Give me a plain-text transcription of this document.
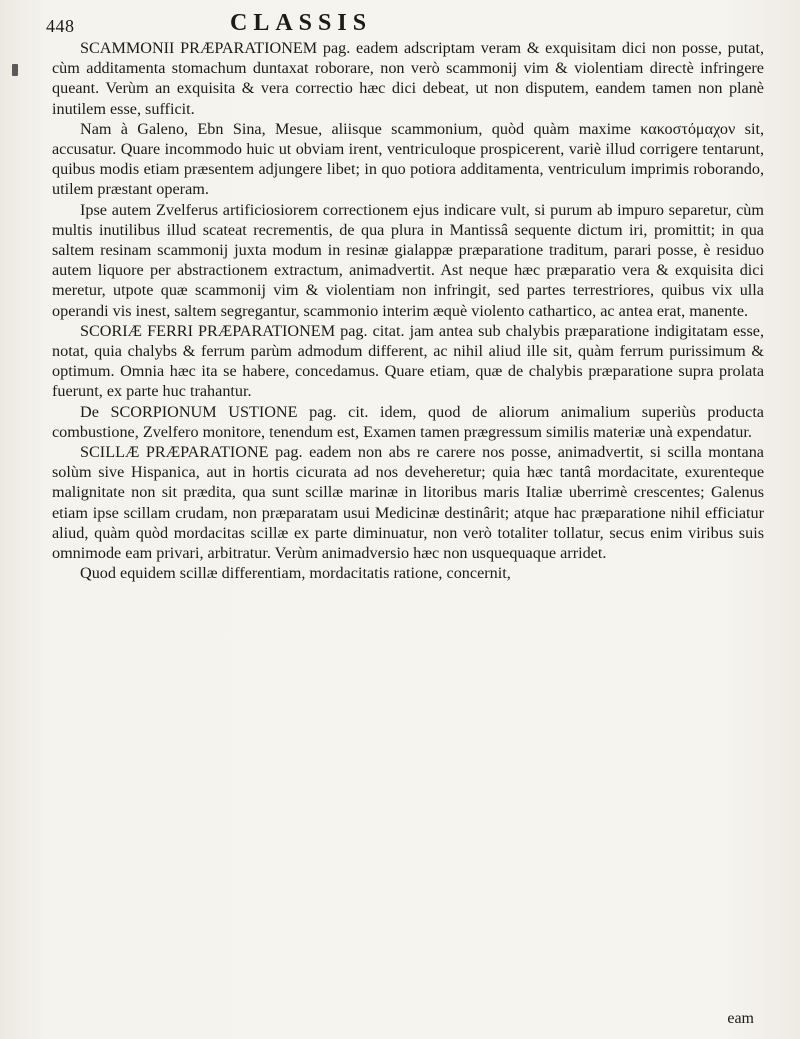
448	CLASSIS

SCAMMONII PRÆPARATIONEM pag. eadem adscriptam veram & exquisitam dici non posse, putat, cùm additamenta stomachum duntaxat roborare, non verò scammonij vim & violentiam directè infringere queant. Verùm an exquisita & vera correctio hæc dici debeat, ut non disputem, eandem tamen non planè inutilem esse, sufficit.

Nam à Galeno, Ebn Sina, Mesue, aliisque scammonium, quòd quàm maxime κακοστόμαχον sit, accusatur. Quare incommodo huic ut obviam irent, ventriculoque prospicerent, variè illud corrigere tentarunt, quibus modis etiam præsentem adjungere libet; in quo potiora additamenta, ventriculum imprimis roborando, utilem præstant operam.

Ipse autem Zvelferus artificiosiorem correctionem ejus indicare vult, si purum ab impuro separetur, cùm multis inutilibus illud scateat recrementis, de qua plura in Mantissâ sequente dictum iri, promittit; in qua saltem resinam scammonij juxta modum in resinæ gialappæ præparatione traditum, parari posse, è residuo autem liquore per abstractionem extractum, animadvertit. Ast neque hæc præparatio vera & exquisita dici meretur, utpote quæ scammonij vim & violentiam non infringit, sed partes terrestriores, quibus vix ulla operandi vis inest, saltem segregantur, scammonio interim æquè violento cathartico, ac antea erat, manente.

SCORIÆ FERRI PRÆPARATIONEM pag. citat. jam antea sub chalybis præparatione indigitatam esse, notat, quia chalybs & ferrum parùm admodum different, ac nihil aliud ille sit, quàm ferrum purissimum & optimum. Omnia hæc ita se habere, concedamus. Quare etiam, quæ de chalybis præparatione supra prolata fuerunt, ex parte huc trahantur.

De SCORPIONUM USTIONE pag. cit. idem, quod de aliorum animalium superiùs producta combustione, Zvelfero monitore, tenendum est, Examen tamen prægressum similis materiæ unà expendatur.

SCILLÆ PRÆPARATIONE pag. eadem non abs re carere nos posse, animadvertit, si scilla montana solùm sive Hispanica, aut in hortis cicurata ad nos deveheretur; quia hæc tantâ mordacitate, exurenteque malignitate non sit prædita, qua sunt scillæ marinæ in litoribus maris Italiæ uberrimè crescentes; Galenus etiam ipse scillam crudam, non præparatam usui Medicinæ destinârit; atque hac præparatione nihil efficiatur aliud, quàm quòd mordacitas scillæ ex parte diminuatur, non verò totaliter tollatur, secus enim viribus suis omnimode eam privari, arbitratur. Verùm animadversio hæc non usquequaque arridet.

Quod equidem scillæ differentiam, mordacitatis ratione, concernit,

eam
